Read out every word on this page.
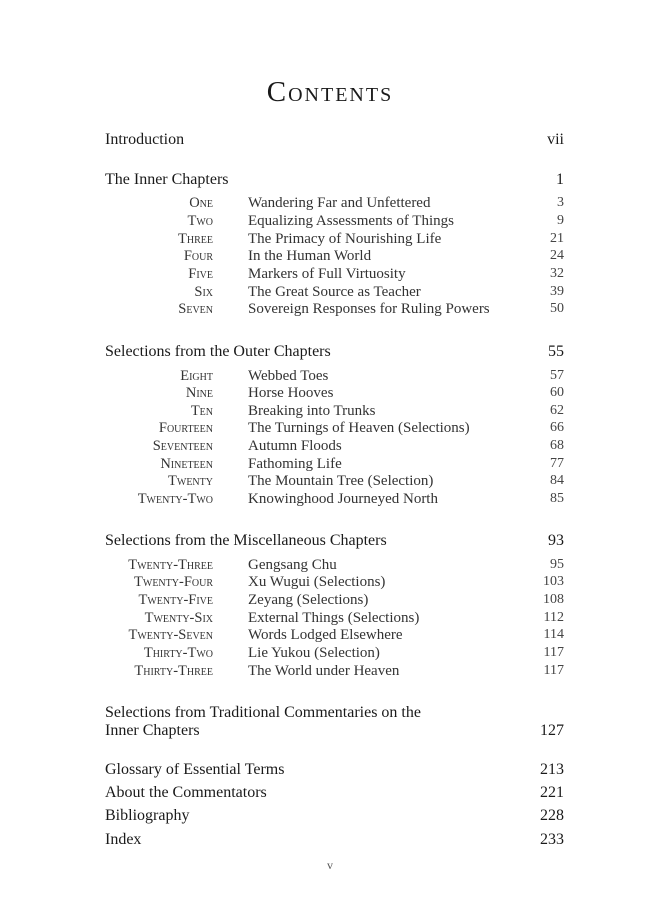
Contents
Introduction	vii
The Inner Chapters	1
One Wandering Far and Unfettered	3
Two Equalizing Assessments of Things	9
Three The Primacy of Nourishing Life	21
Four In the Human World	24
Five Markers of Full Virtuosity	32
Six The Great Source as Teacher	39
Seven Sovereign Responses for Ruling Powers	50
Selections from the Outer Chapters	55
Eight Webbed Toes	57
Nine Horse Hooves	60
Ten Breaking into Trunks	62
Fourteen The Turnings of Heaven (Selections)	66
Seventeen Autumn Floods	68
Nineteen Fathoming Life	77
Twenty The Mountain Tree (Selection)	84
Twenty-Two Knowinghood Journeyed North	85
Selections from the Miscellaneous Chapters	93
Twenty-Three Gengsang Chu	95
Twenty-Four Xu Wugui (Selections)	103
Twenty-Five Zeyang (Selections)	108
Twenty-Six External Things (Selections)	112
Twenty-Seven Words Lodged Elsewhere	114
Thirty-Two Lie Yukou (Selection)	117
Thirty-Three The World under Heaven	117
Selections from Traditional Commentaries on the
Inner Chapters	127
Glossary of Essential Terms	213
About the Commentators	221
Bibliography	228
Index	233
v
